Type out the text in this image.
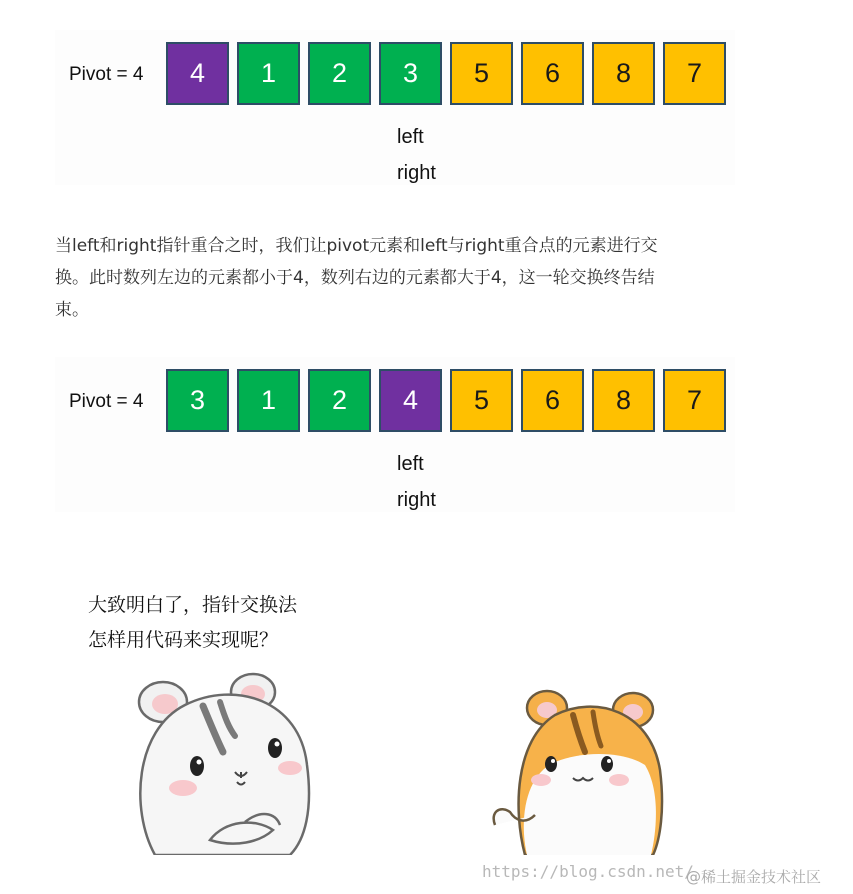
Pivot = 4	4	1	2	3	5	6	8	7
left
right
当left和right指针重合之时，我们让pivot元素和left与right重合点的元素进行交
换。此时数列左边的元素都小于4，数列右边的元素都大于4，这一轮交换终告结
束。
Pivot = 4	3	1	2	4	5	6	8	7
left
right
大致明白了，指针交换法
怎样用代码来实现呢？
https://blog.csdn.net/
@稀土掘金技术社区
